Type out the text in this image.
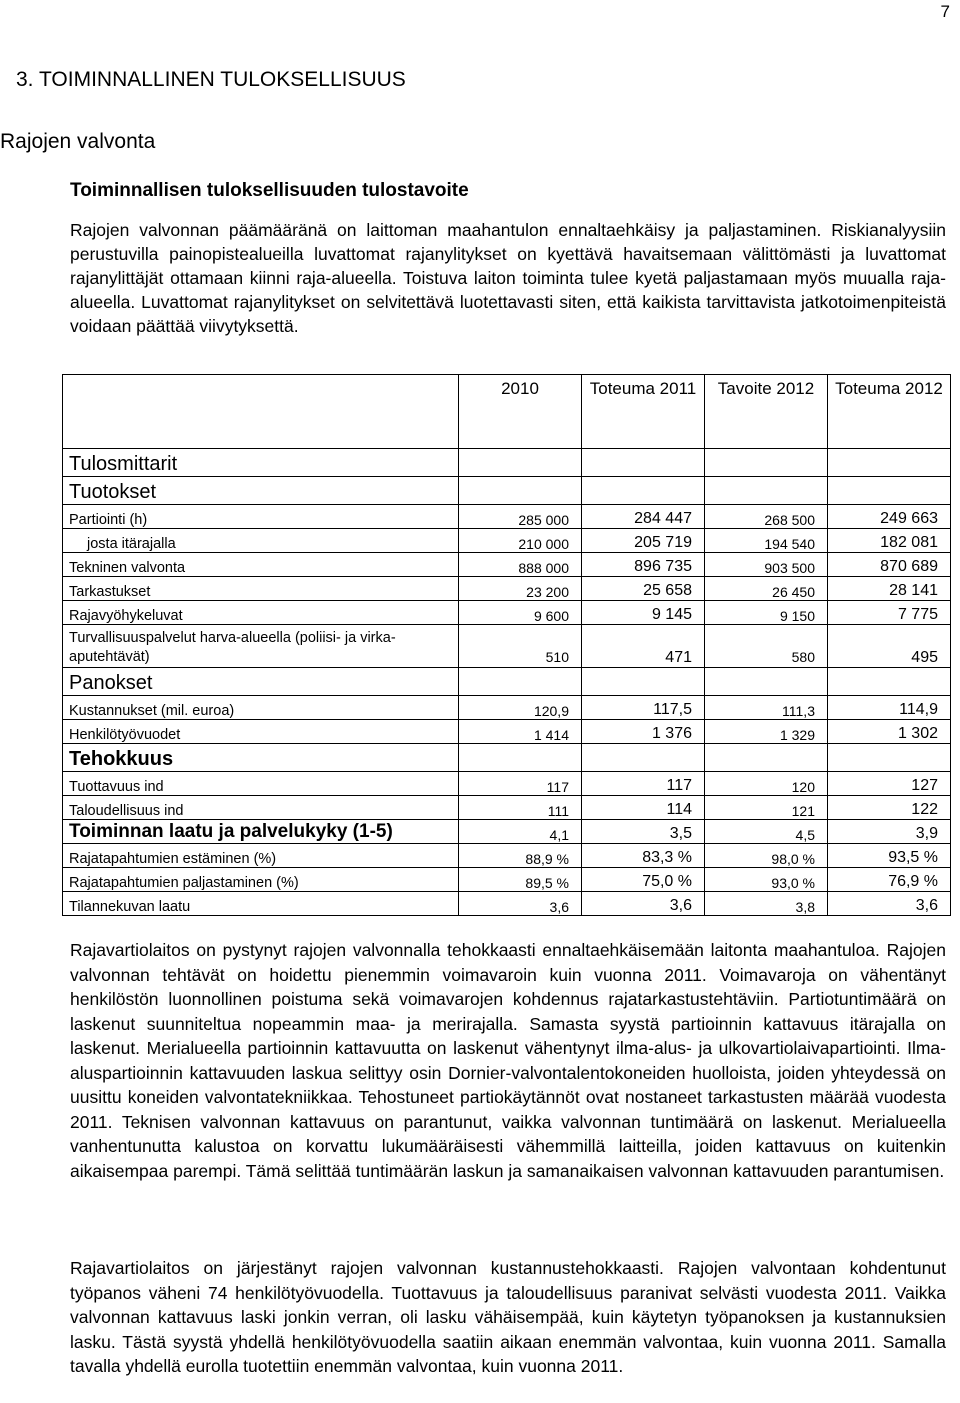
7
3. TOIMINNALLINEN TULOKSELLISUUS
Rajojen valvonta
Toiminnallisen tuloksellisuuden tulostavoite

Rajojen valvonnan päämääränä on laittoman maahantulon ennaltaehkäisy ja paljastaminen. Riskianalyysiin perustuvilla painopistealueilla luvattomat rajanylitykset on kyettävä havaitsemaan välittömästi ja luvattomat rajanylittäjät ottamaan kiinni raja-alueella. Toistuva laiton toiminta tulee kyetä paljastamaan myös muualla raja-alueella. Luvattomat rajanylitykset on selvitettävä luotettavasti siten, että kaikista tarvittavista jatkotoimenpiteistä voidaan päättää viivytyksettä.

	2010	Toteuma 2011	Tavoite 2012	Toteuma 2012
Tulosmittarit				
Tuotokset				
Partiointi (h)	285 000	284 447	268 500	249 663
josta itärajalla	210 000	205 719	194 540	182 081
Tekninen valvonta	888 000	896 735	903 500	870 689
Tarkastukset	23 200	25 658	26 450	28 141
Rajavyöhykeluvat	9 600	9 145	9 150	7 775
Turvallisuuspalvelut harva-alueella (poliisi- ja virka-aputehtävät)	510	471	580	495
Panokset				
Kustannukset (mil. euroa)	120,9	117,5	111,3	114,9
Henkilötyövuodet	1 414	1 376	1 329	1 302
Tehokkuus				
Tuottavuus ind	117	117	120	127
Taloudellisuus ind	111	114	121	122
Toiminnan laatu ja palvelukyky (1-5)	4,1	3,5	4,5	3,9
Rajatapahtumien estäminen (%)	88,9 %	83,3 %	98,0 %	93,5 %
Rajatapahtumien paljastaminen (%)	89,5 %	75,0 %	93,0 %	76,9 %
Tilannekuvan laatu	3,6	3,6	3,8	3,6

Rajavartiolaitos on pystynyt rajojen valvonnalla tehokkaasti ennaltaehkäisemään laitonta maahantuloa. Rajojen valvonnan tehtävät on hoidettu pienemmin voimavaroin kuin vuonna 2011. Voimavaroja on vähentänyt henkilöstön luonnollinen poistuma sekä voimavarojen kohdennus rajatarkastustehtäviin. Partiotuntimäärä on laskenut suunniteltua nopeammin maa- ja merirajalla. Samasta syystä partioinnin kattavuus itärajalla on laskenut. Merialueella partioinnin kattavuutta on laskenut vähentynyt ilma-alus- ja ulkovartiolaivapartiointi. Ilma-aluspartioinnin kattavuuden laskua selittyy osin Dornier-valvontalentokoneiden huolloista, joiden yhteydessä on uusittu koneiden valvontatekniikkaa. Tehostuneet partiokäytännöt ovat nostaneet tarkastusten määrää vuodesta 2011. Teknisen valvonnan kattavuus on parantunut, vaikka valvonnan tuntimäärä on laskenut. Merialueella vanhentunutta kalustoa on korvattu lukumääräisesti vähemmillä laitteilla, joiden kattavuus on kuitenkin aikaisempaa parempi. Tämä selittää tuntimäärän laskun ja samanaikaisen valvonnan kattavuuden parantumisen.

Rajavartiolaitos on järjestänyt rajojen valvonnan kustannustehokkaasti. Rajojen valvontaan kohdentunut työpanos väheni 74 henkilötyövuodella. Tuottavuus ja taloudellisuus paranivat selvästi vuodesta 2011. Vaikka valvonnan kattavuus laski jonkin verran, oli lasku vähäisempää, kuin käytetyn työpanoksen ja kustannuksien lasku. Tästä syystä yhdellä henkilötyövuodella saatiin aikaan enemmän valvontaa, kuin vuonna 2011. Samalla tavalla yhdellä eurolla tuotettiin enemmän valvontaa, kuin vuonna 2011.
